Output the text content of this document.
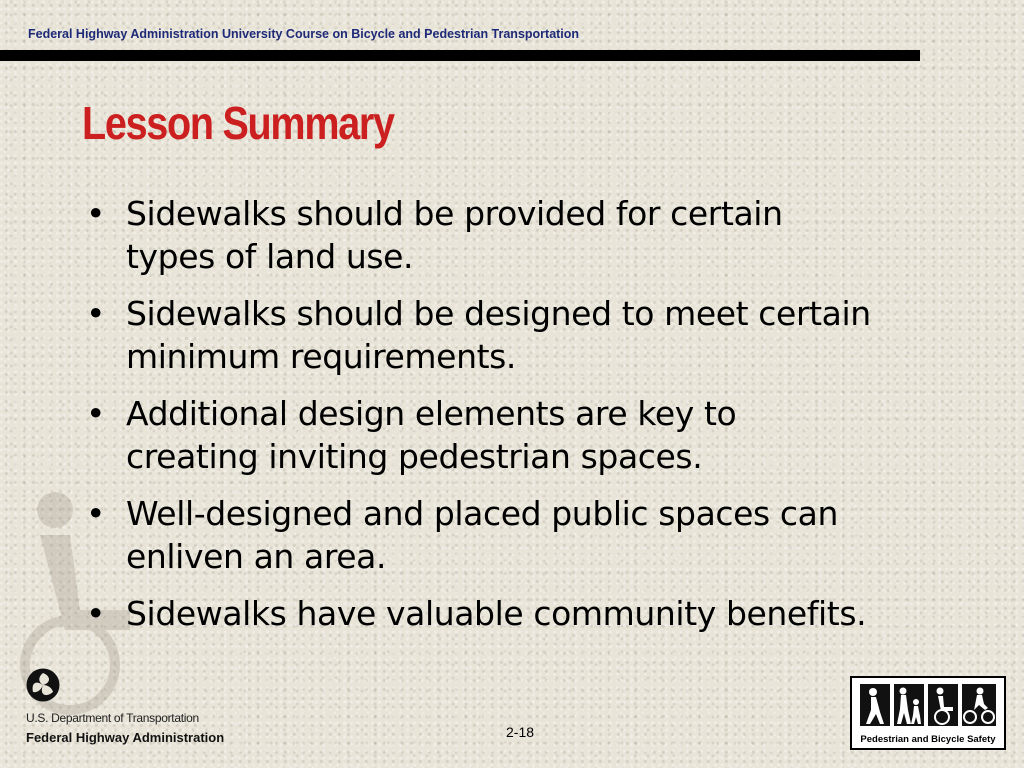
Federal Highway Administration University Course on Bicycle and Pedestrian Transportation
Lesson Summary
• Sidewalks should be provided for certain
types of land use.
• Sidewalks should be designed to meet certain
minimum requirements.
• Additional design elements are key to
creating inviting pedestrian spaces.
• Well-designed and placed public spaces can
enliven an area.
• Sidewalks have valuable community benefits.
U.S. Department of Transportation
Federal Highway Administration	2-18	Pedestrian and Bicycle Safety
